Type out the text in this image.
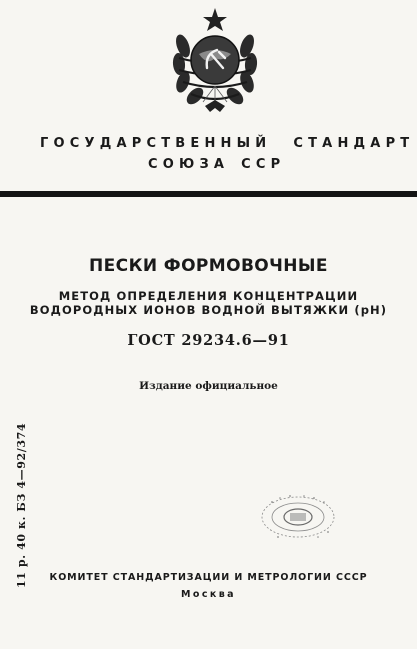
ГОСУДАРСТВЕННЫЙ СТАНДАРТ
СОЮЗА ССР
ПЕСКИ ФОРМОВОЧНЫЕ
МЕТОД ОПРЕДЕЛЕНИЯ КОНЦЕНТРАЦИИ
ВОДОРОДНЫХ ИОНОВ ВОДНОЙ ВЫТЯЖКИ (pH)
ГОСТ 29234.6—91
Издание официальное
11 р. 40 к. БЗ 4—92/374	КОМИТЕТ СТАНДАРТИЗАЦИИ И МЕТРОЛОГИИ СССР
Москва
